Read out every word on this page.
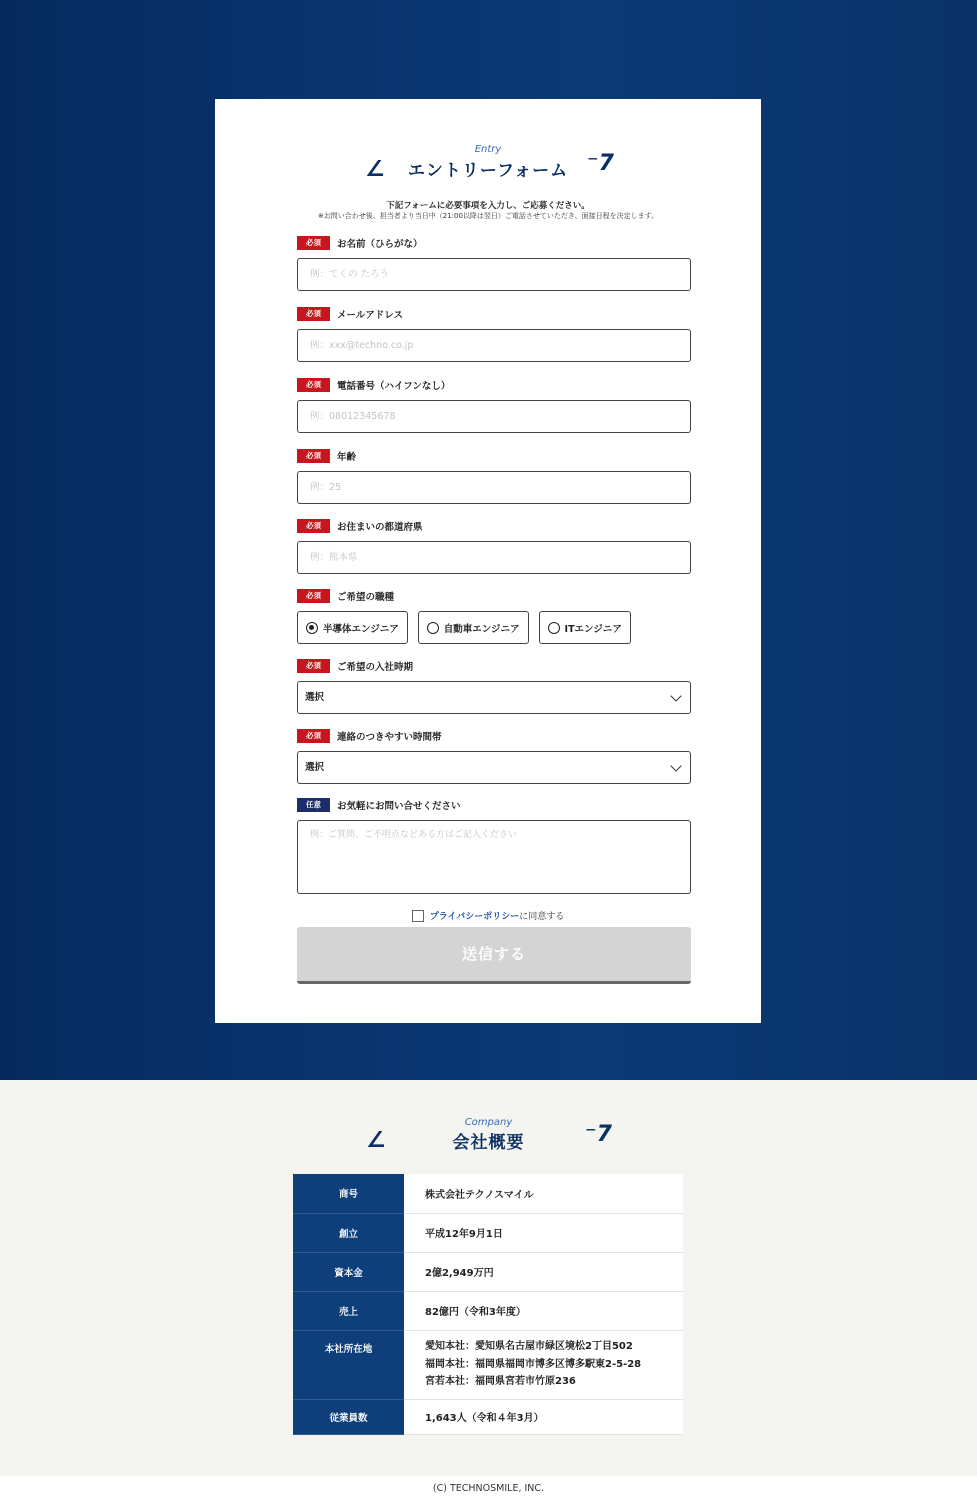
∠	⁻7
Entry
エントリーフォーム
下記フォームに必要事項を入力し、ご応募ください。
※お問い合わせ後、担当者より当日中（21:00以降は翌日）ご電話させていただき、面接日程を決定します。
必須	お名前（ひらがな）
例：てくの たろう
必須	メールアドレス
例：xxx@techno.co.jp
必須	電話番号（ハイフンなし）
例：08012345678
必須	年齢
例：25
必須	お住まいの都道府県
例：熊本県
必須	ご希望の職種
半導体エンジニア	自動車エンジニア	ITエンジニア
必須	ご希望の入社時期
選択
必須	連絡のつきやすい時間帯
選択
任意	お気軽にお問い合せください
例：ご質問、ご不明点などある方はご記入ください
プライバシーポリシー に同意する
送信する
∠	⁻7
Company
会社概要
商号	株式会社テクノスマイル
創立	平成12年9月1日
資本金	2億2,949万円
売上	82億円（令和3年度）
本社所在地	愛知本社：愛知県名古屋市緑区境松2丁目502
福岡本社：福岡県福岡市博多区博多駅東2-5-28
宮若本社：福岡県宮若市竹原236

従業員数	1,643人（令和４年3月）
(C) TECHNOSMILE, INC.
